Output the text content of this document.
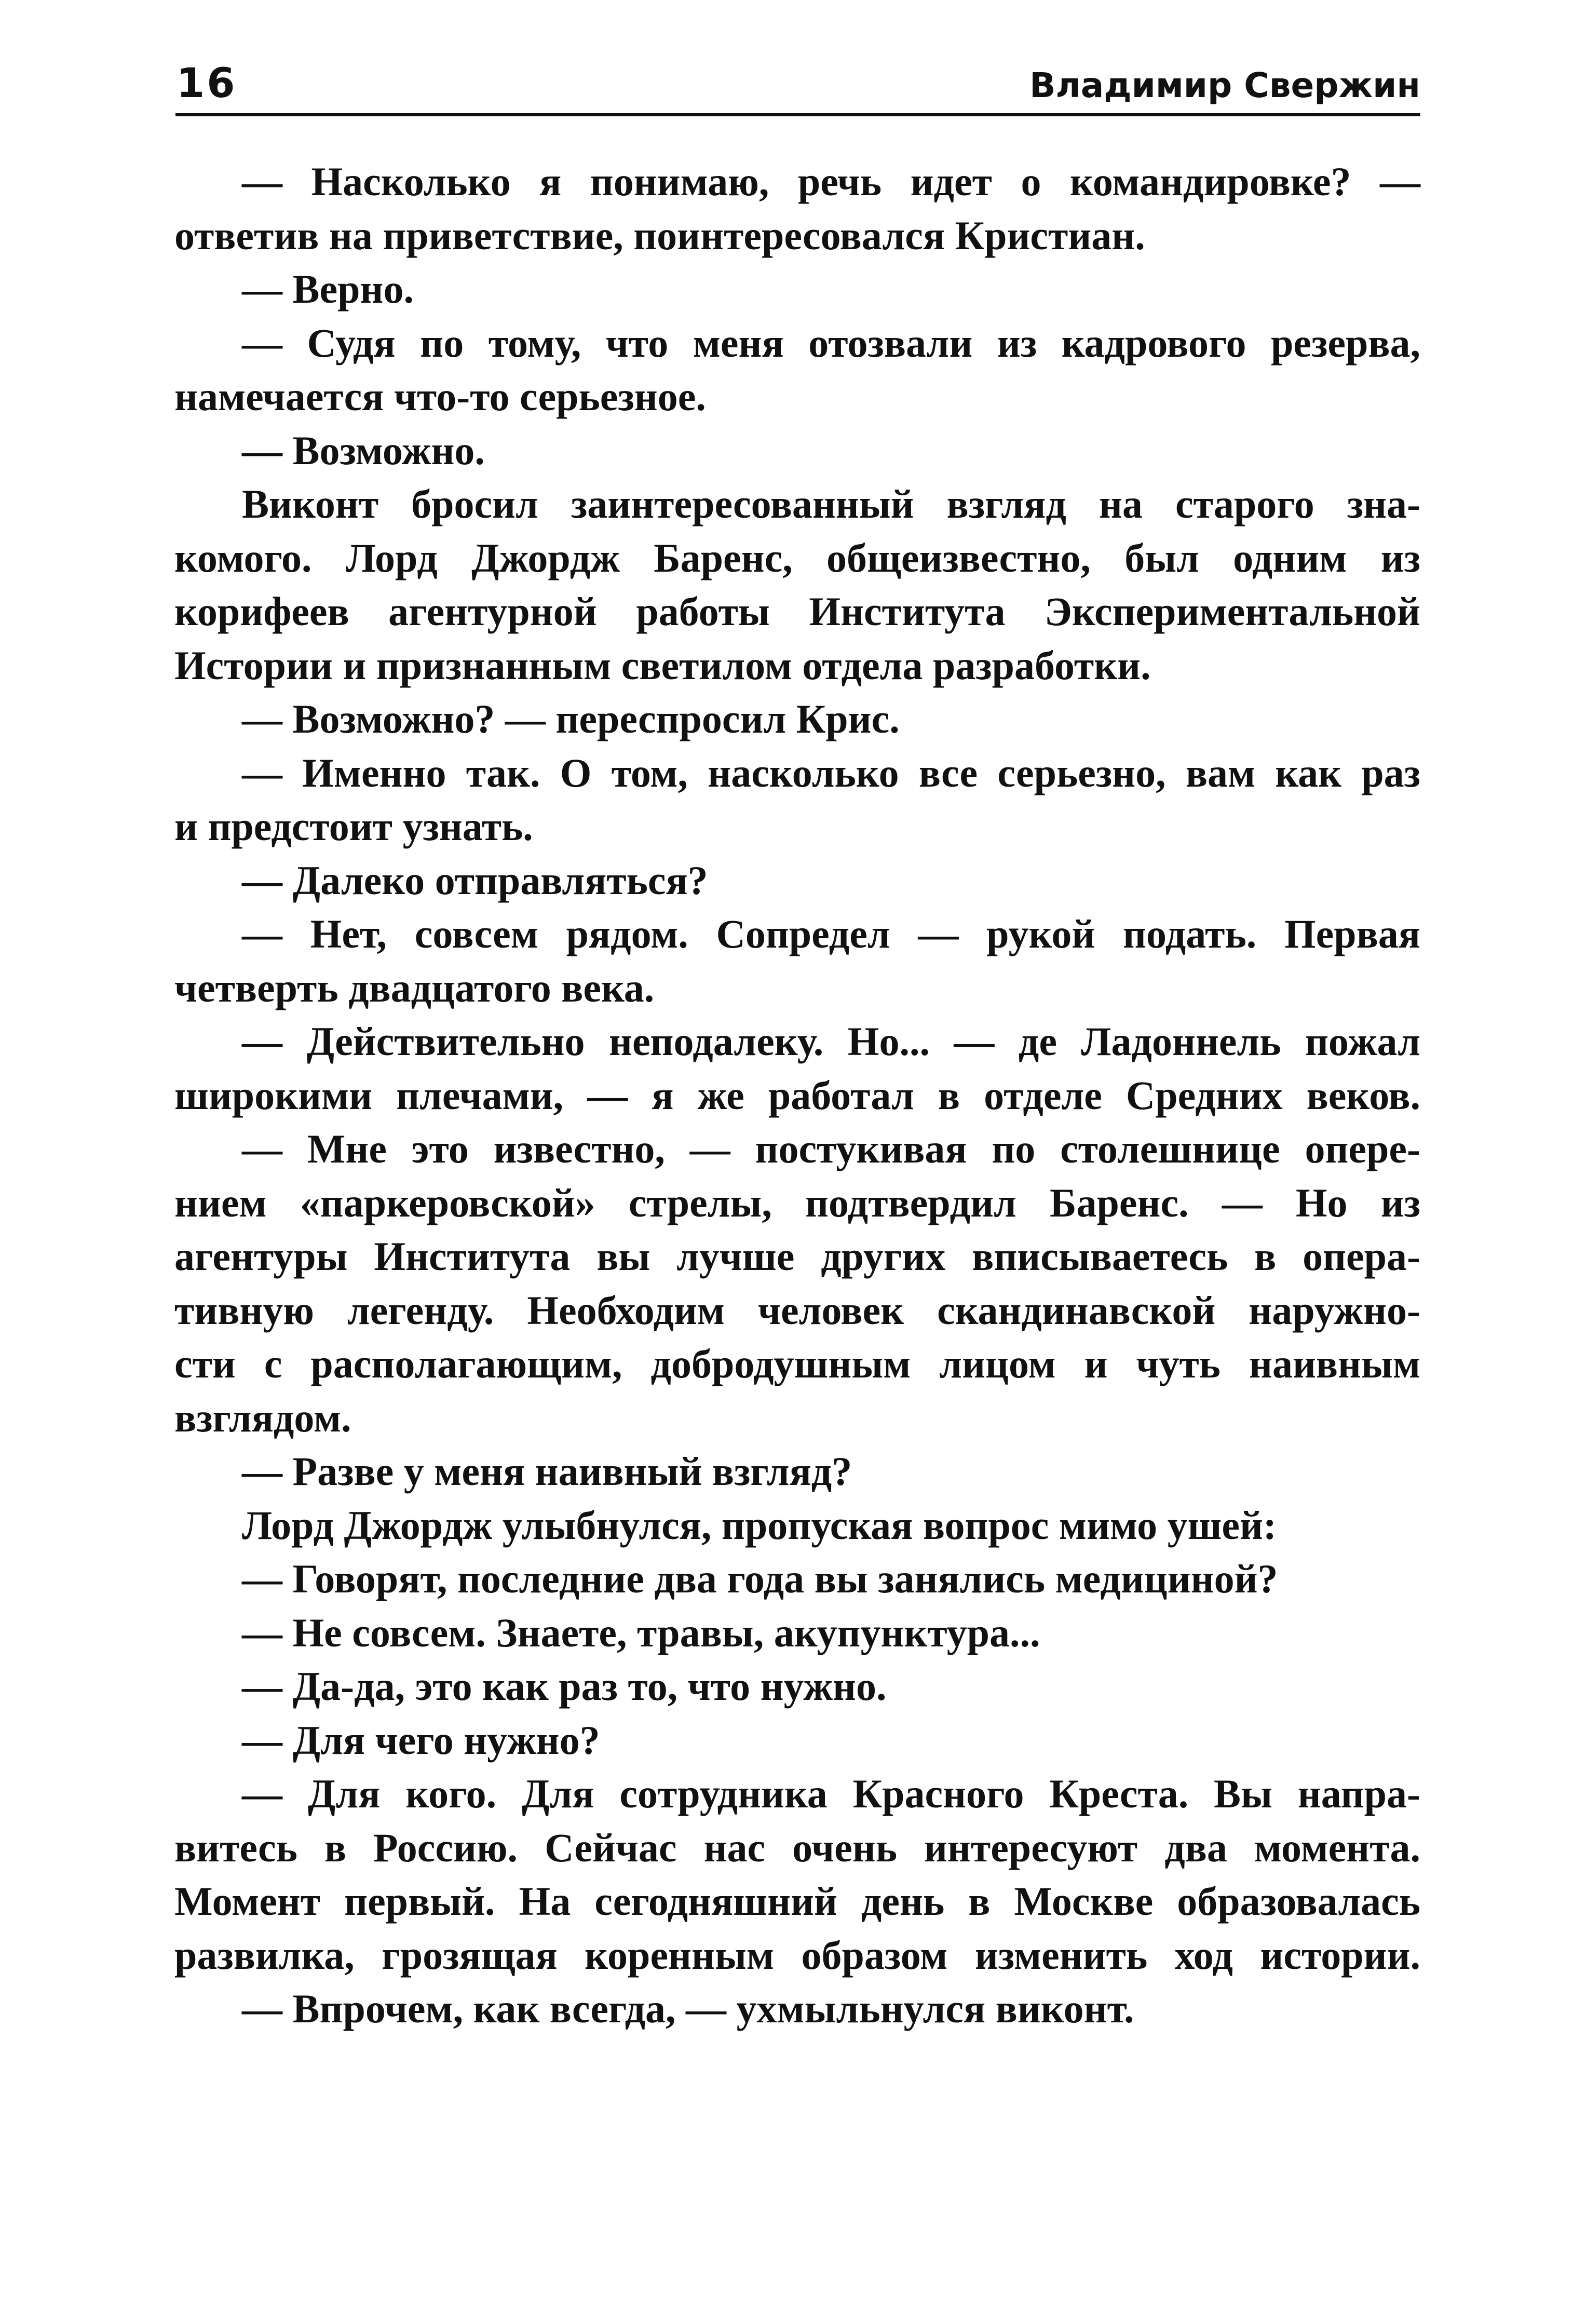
16	Владимир Свержин
— Насколько я понимаю, речь идет о командировке? —
ответив на приветствие, поинтересовался Кристиан.
— Верно.
— Судя по тому, что меня отозвали из кадрового резерва,
намечается что-то серьезное.
— Возможно.
Виконт бросил заинтересованный взгляд на старого зна-
комого. Лорд Джордж Баренс, общеизвестно, был одним из
корифеев агентурной работы Института Экспериментальной
Истории и признанным светилом отдела разработки.
— Возможно? — переспросил Крис.
— Именно так. О том, насколько все серьезно, вам как раз
и предстоит узнать.
— Далеко отправляться?
— Нет, совсем рядом. Сопредел — рукой подать. Первая
четверть двадцатого века.
— Действительно неподалеку. Но... — де Ладоннель пожал
широкими плечами, — я же работал в отделе Средних веков.
— Мне это известно, — постукивая по столешнице опере-
нием «паркеровской» стрелы, подтвердил Баренс. — Но из
агентуры Института вы лучше других вписываетесь в опера-
тивную легенду. Необходим человек скандинавской наружно-
сти с располагающим, добродушным лицом и чуть наивным
взглядом.
— Разве у меня наивный взгляд?
Лорд Джордж улыбнулся, пропуская вопрос мимо ушей:
— Говорят, последние два года вы занялись медициной?
— Не совсем. Знаете, травы, акупунктура...
— Да-да, это как раз то, что нужно.
— Для чего нужно?
— Для кого. Для сотрудника Красного Креста. Вы напра-
витесь в Россию. Сейчас нас очень интересуют два момента.
Момент первый. На сегодняшний день в Москве образовалась
развилка, грозящая коренным образом изменить ход истории.
— Впрочем, как всегда, — ухмыльнулся виконт.
